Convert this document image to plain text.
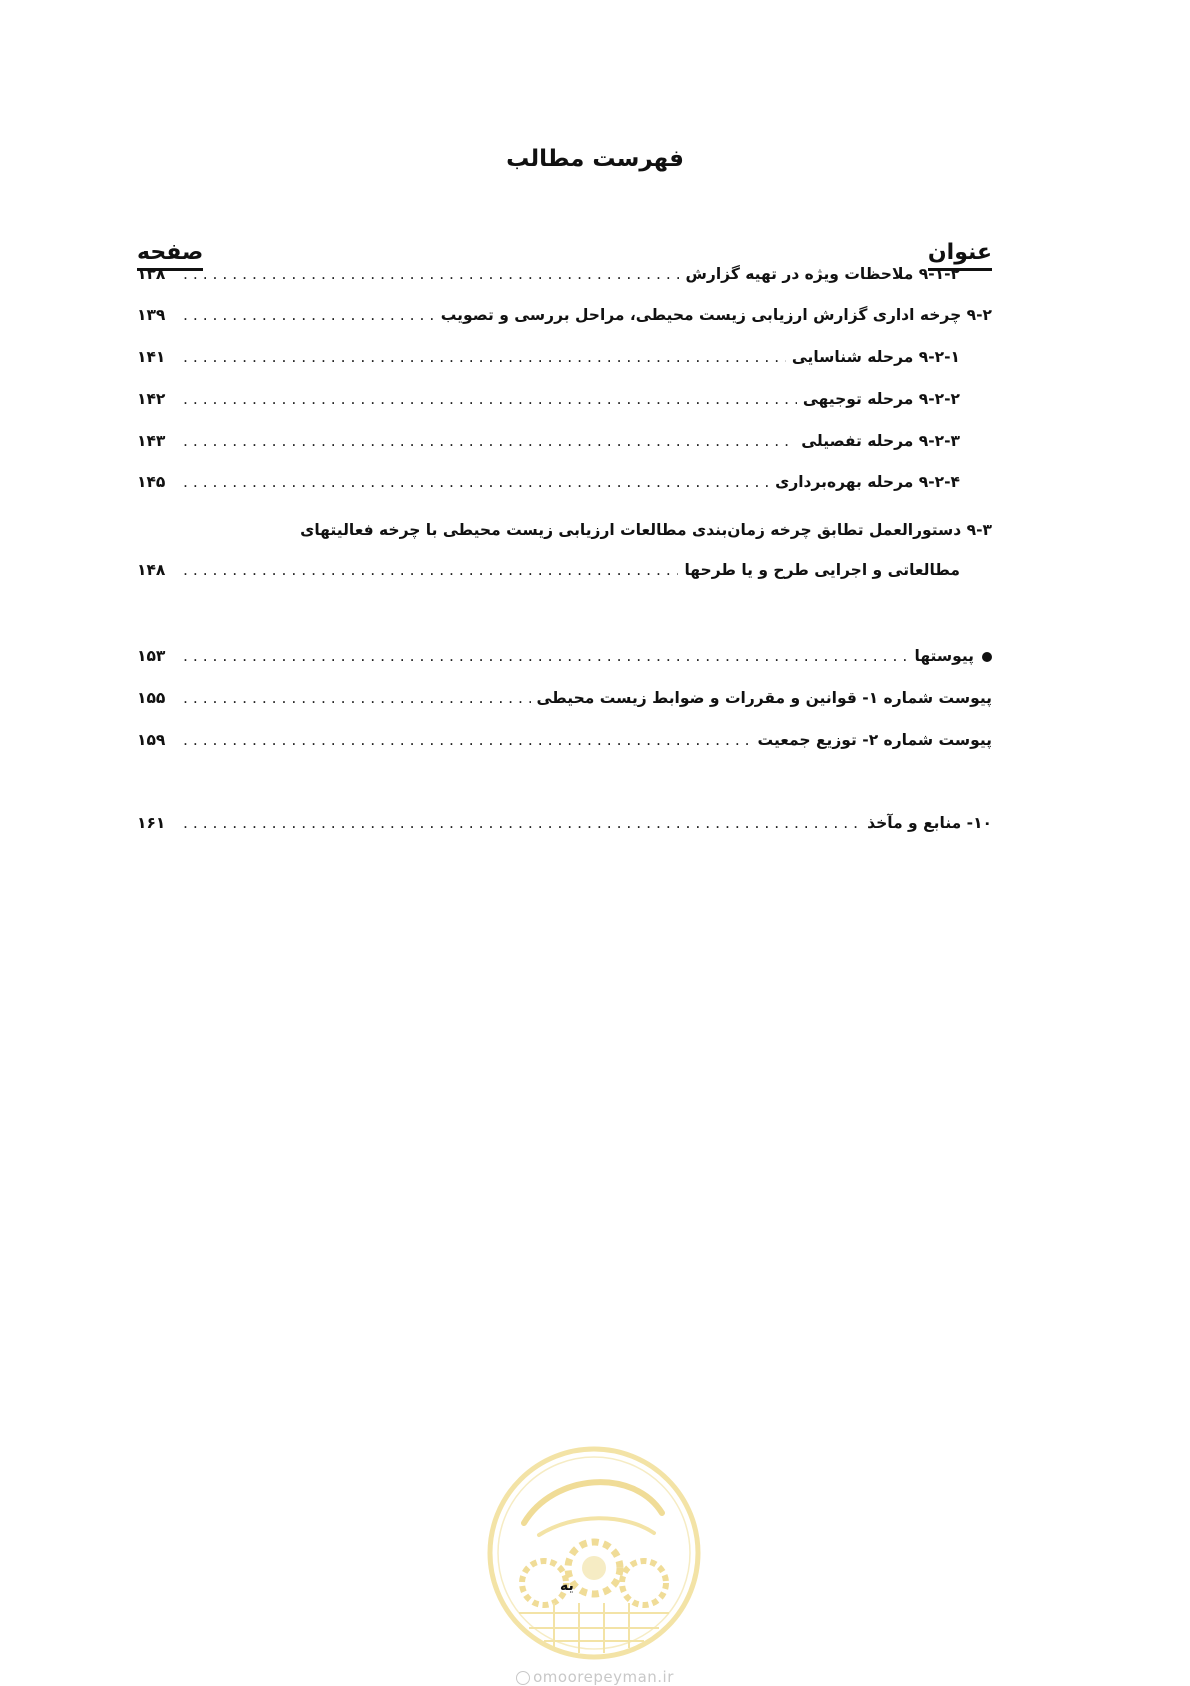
فهرست مطالب
عنوان
صفحه
۱۳۸ . . .	۹-۱-۲ ملاحظات ویژه در تهیه گزارش
۱۳۹ . . .	۹-۲ چرخه اداری گزارش ارزیابی زیست محیطی، مراحل بررسی و تصویب
۱۴۱ . . .	۹-۲-۱ مرحله شناسایی
۱۴۲ . . .	۹-۲-۲ مرحله توجیهی
۱۴۳ . . .	۹-۲-۳ مرحله تفصیلی
۱۴۵ . . .	۹-۲-۴ مرحله بهره‌برداری
۹-۳ دستورالعمل تطابق چرخه زمان‌بندی مطالعات ارزیابی زیست محیطی با چرخه فعالیتهای
۱۴۸ . . .	مطالعاتی و اجرایی طرح و یا طرحها
۱۵۳ . . .	پیوستها
۱۵۵ . . .	پیوست شماره ۱- قوانین و مقررات و ضوابط زیست محیطی
۱۵۹ . . .	پیوست شماره ۲- توزیع جمعیت
۱۶۱ . . .	۱۰- منابع و مآخذ
یه
omoorepeyman.ir
